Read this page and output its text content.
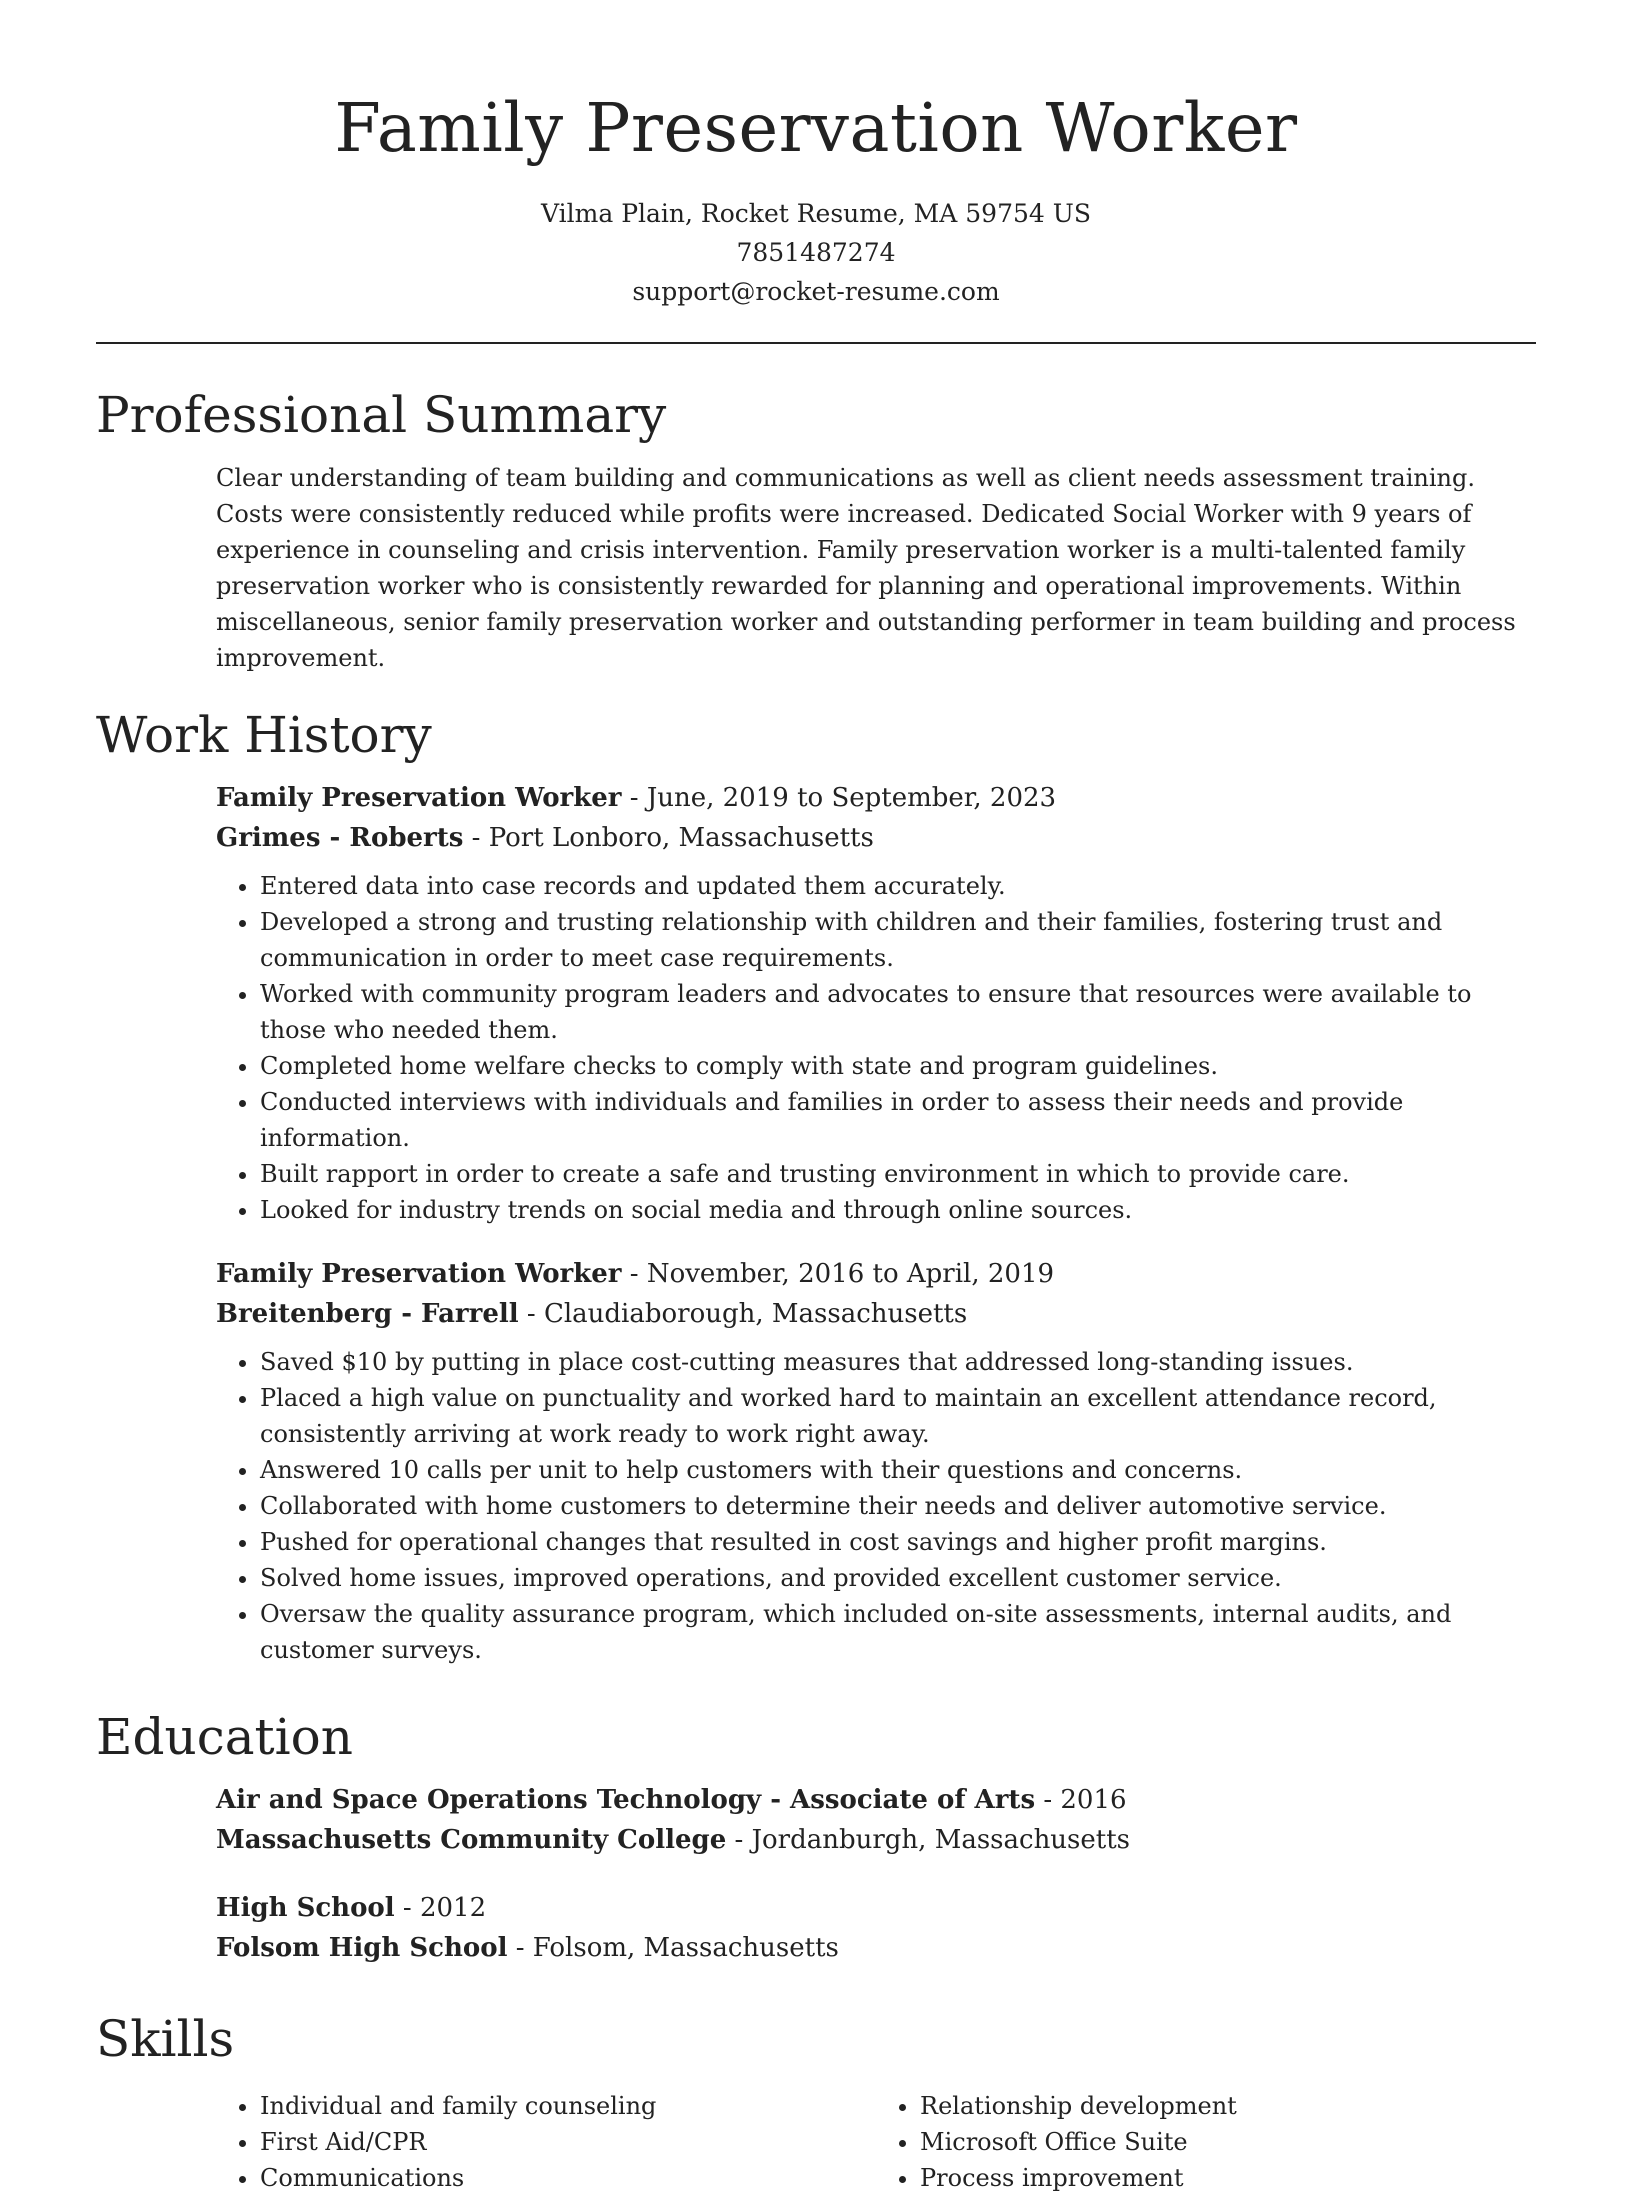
Family Preservation Worker
Vilma Plain, Rocket Resume, MA 59754 US
7851487274
support@rocket-resume.com
Professional Summary

Clear understanding of team building and communications as well as client needs assessment training. Costs were consistently reduced while profits were increased. Dedicated Social Worker with 9 years of experience in counseling and crisis intervention. Family preservation worker is a multi-talented family preservation worker who is consistently rewarded for planning and operational improvements. Within miscellaneous, senior family preservation worker and outstanding performer in team building and process improvement.

Work History
Family Preservation Worker - June, 2019 to September, 2023
Grimes - Roberts - Port Lonboro, Massachusetts
• Entered data into case records and updated them accurately.
• Developed a strong and trusting relationship with children and their families, fostering trust and communication in order to meet case requirements.
• Worked with community program leaders and advocates to ensure that resources were available to those who needed them.
• Completed home welfare checks to comply with state and program guidelines.
• Conducted interviews with individuals and families in order to assess their needs and provide information.
• Built rapport in order to create a safe and trusting environment in which to provide care.
• Looked for industry trends on social media and through online sources.
Family Preservation Worker - November, 2016 to April, 2019
Breitenberg - Farrell - Claudiaborough, Massachusetts
• Saved $10 by putting in place cost-cutting measures that addressed long-standing issues.
• Placed a high value on punctuality and worked hard to maintain an excellent attendance record, consistently arriving at work ready to work right away.
• Answered 10 calls per unit to help customers with their questions and concerns.
• Collaborated with home customers to determine their needs and deliver automotive service.
• Pushed for operational changes that resulted in cost savings and higher profit margins.
• Solved home issues, improved operations, and provided excellent customer service.
• Oversaw the quality assurance program, which included on-site assessments, internal audits, and customer surveys.
Education
Air and Space Operations Technology - Associate of Arts - 2016
Massachusetts Community College - Jordanburgh, Massachusetts
High School - 2012
Folsom High School - Folsom, Massachusetts
Skills
• Individual and family counseling
• First Aid/CPR
• Communications
• Relationship development
• Microsoft Office Suite
• Process improvement
